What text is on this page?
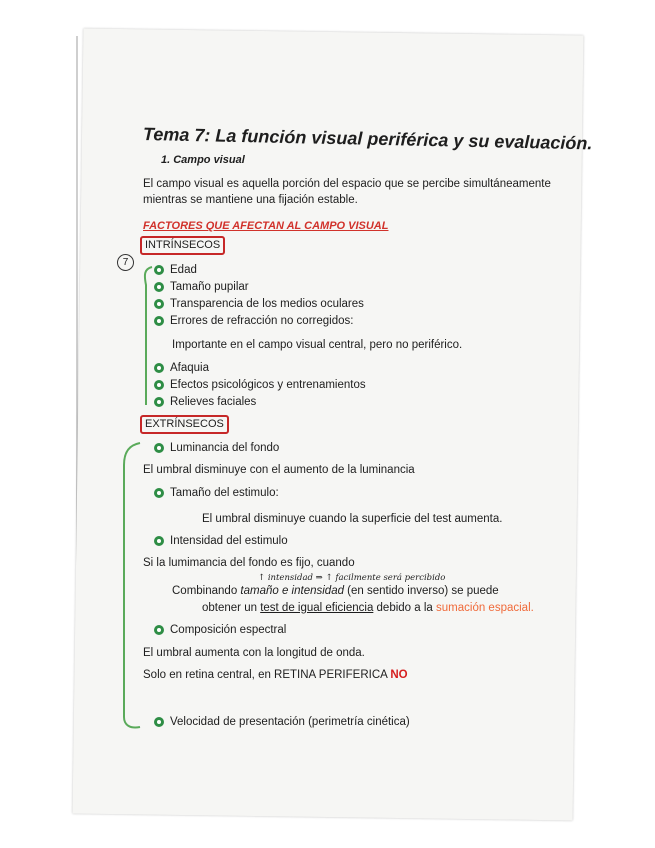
Tema 7: La función visual periférica y su evaluación.
1. Campo visual
El campo visual es aquella porción del espacio que se percibe simultáneamente
mientras se mantiene una fijación estable.
FACTORES QUE AFECTAN AL CAMPO VISUAL
INTRÍNSECOS
7
Edad
Tamaño pupilar
Transparencia de los medios oculares
Errores de refracción no corregidos:
Importante en el campo visual central, pero no periférico.
Afaquia
Efectos psicológicos y entrenamientos
Relieves faciales
EXTRÍNSECOS
Luminancia del fondo
El umbral disminuye con el aumento de la luminancia
Tamaño del estimulo:
El umbral disminuye cuando la superficie del test aumenta.
Intensidad del estimulo
Si la lumimancia del fondo es fijo, cuando
↑ intensidad ⇒ ↑ facilmente será percibido
Combinando tamaño e intensidad (en sentido inverso) se puede
obtener un test de igual eficiencia debido a la sumación espacial.
Composición espectral
El umbral aumenta con la longitud de onda.
Solo en retina central, en RETINA PERIFERICA NO
Velocidad de presentación (perimetría cinética)
